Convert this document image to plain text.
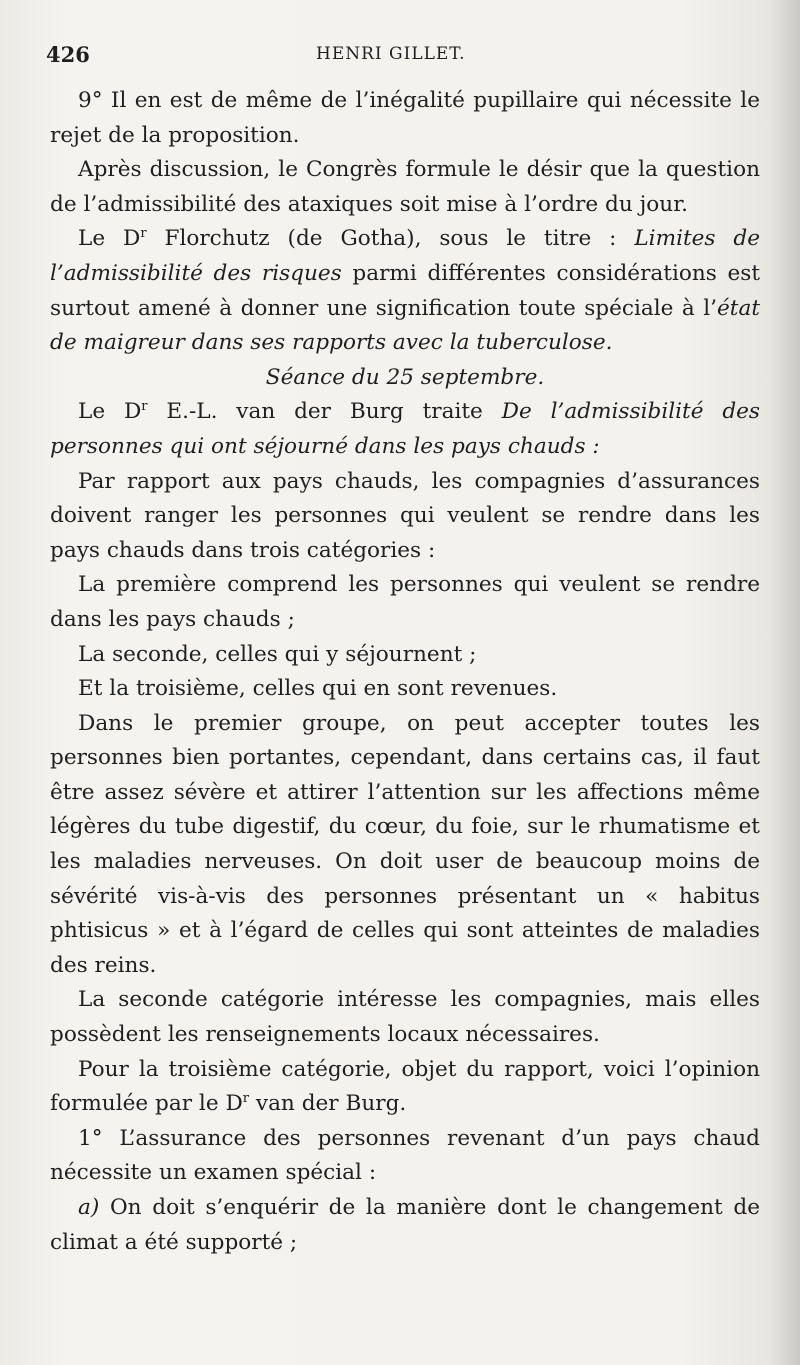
426	HENRI GILLET.

9° Il en est de même de l’inégalité pupillaire qui nécessite le rejet de la proposition.

Après discussion, le Congrès formule le désir que la question de l’admissibilité des ataxiques soit mise à l’ordre du jour.

Le $D^r$ Florchutz (de Gotha), sous le titre : Limites de l’admissibilité des risques parmi différentes considérations est surtout amené à donner une signification toute spéciale à l’état de maigreur dans ses rapports avec la tuberculose.

Séance du 25 septembre.

Le $D^r$ E.-L. van der Burg traite De l’admissibilité des personnes qui ont séjourné dans les pays chauds :

Par rapport aux pays chauds, les compagnies d’assurances doivent ranger les personnes qui veulent se rendre dans les pays chauds dans trois catégories :

La première comprend les personnes qui veulent se rendre dans les pays chauds ;

La seconde, celles qui y séjournent ;

Et la troisième, celles qui en sont revenues.

Dans le premier groupe, on peut accepter toutes les personnes bien portantes, cependant, dans certains cas, il faut être assez sévère et attirer l’attention sur les affections même légères du tube digestif, du cœur, du foie, sur le rhumatisme et les maladies nerveuses. On doit user de beaucoup moins de sévérité vis-à-vis des personnes présentant un « habitus phtisicus » et à l’égard de celles qui sont atteintes de maladies des reins.

La seconde catégorie intéresse les compagnies, mais elles possèdent les renseignements locaux nécessaires.

Pour la troisième catégorie, objet du rapport, voici l’opinion formulée par le $D^r$ van der Burg.

1° L’assurance des personnes revenant d’un pays chaud nécessite un examen spécial :

a) On doit s’enquérir de la manière dont le changement de climat a été supporté ;
